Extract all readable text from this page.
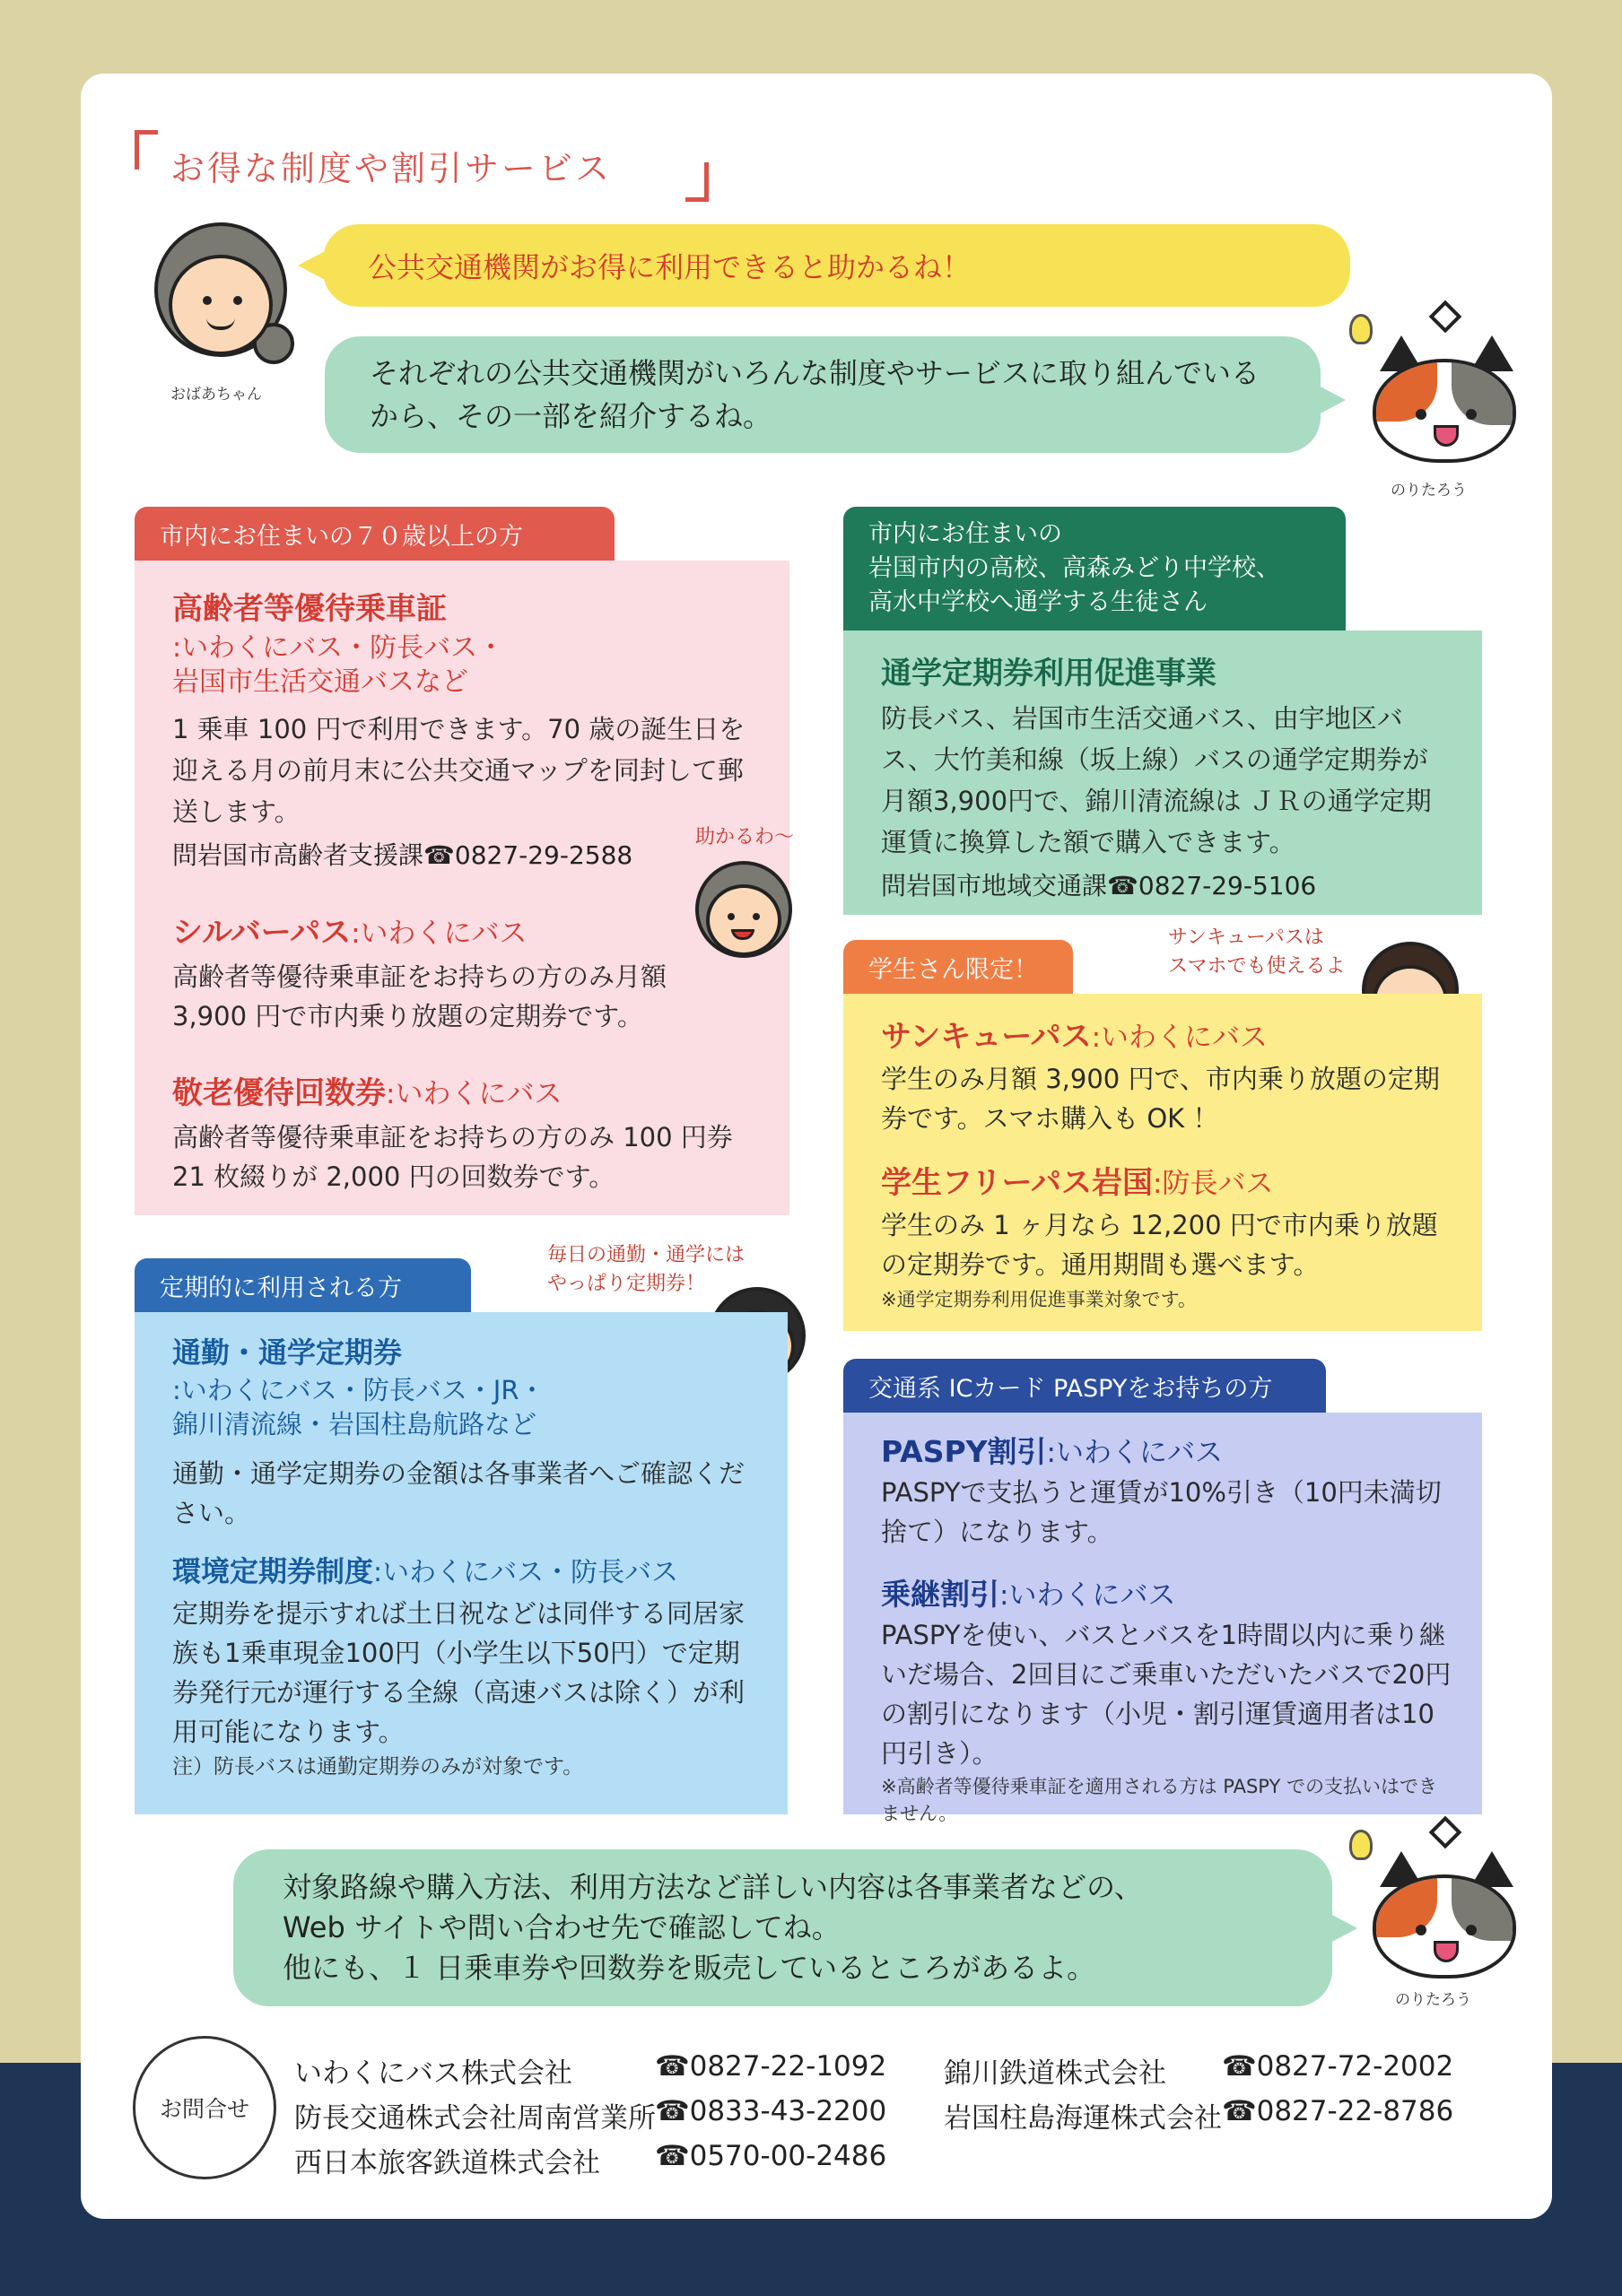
お得な制度や割引サービス
おばあちゃん
公共交通機関がお得に利用できると助かるね！
それぞれの公共交通機関がいろんな制度やサービスに取り組んでいるから、その一部を紹介するね。
のりたろう
市内にお住まいの７０歳以上の方
高齢者等優待乗車証
:いわくにバス・防長バス・
岩国市生活交通バスなど
1 乗車 100 円で利用できます。70 歳の誕生日を迎える月の前月末に公共交通マップを同封して郵送します。
問岩国市高齢者支援課☎0827-29-2588
シルバーパス:いわくにバス
高齢者等優待乗車証をお持ちの方のみ月額 3,900 円で市内乗り放題の定期券です。
敬老優待回数券:いわくにバス
高齢者等優待乗車証をお持ちの方のみ 100 円券 21 枚綴りが 2,000 円の回数券です。
助かるわ〜
市内にお住まいの
岩国市内の高校、高森みどり中学校、
高水中学校へ通学する生徒さん
通学定期券利用促進事業
防長バス、岩国市生活交通バス、由宇地区バス、大竹美和線（坂上線）バスの通学定期券が月額3,900円で、錦川清流線は ＪＲの通学定期運賃に換算した額で購入できます。
問岩国市地域交通課☎0827-29-5106
学生さん限定！
サンキューパスは
スマホでも使えるよ
サンキューパス:いわくにバス
学生のみ月額 3,900 円で、市内乗り放題の定期券です。スマホ購入も OK ！
学生フリーパス岩国:防長バス
学生のみ 1 ヶ月なら 12,200 円で市内乗り放題の定期券です。通用期間も選べます。
※通学定期券利用促進事業対象です。
定期的に利用される方
毎日の通勤・通学には
やっぱり定期券！
通勤・通学定期券
:いわくにバス・防長バス・JR・
錦川清流線・岩国柱島航路など
通勤・通学定期券の金額は各事業者へご確認ください。
環境定期券制度:いわくにバス・防長バス
定期券を提示すれば土日祝などは同伴する同居家族も1乗車現金100円（小学生以下50円）で定期券発行元が運行する全線（高速バスは除く）が利用可能になります。
注）防長バスは通勤定期券のみが対象です。
交通系 ICカード PASPYをお持ちの方
PASPY割引:いわくにバス
PASPYで支払うと運賃が10%引き（10円未満切捨て）になります。
乗継割引:いわくにバス
PASPYを使い、バスとバスを1時間以内に乗り継いだ場合、2回目にご乗車いただいたバスで20円の割引になります（小児・割引運賃適用者は10円引き）。
※高齢者等優待乗車証を適用される方は PASPY での支払いはできません。
対象路線や購入方法、利用方法など詳しい内容は各事業者などの、
Web サイトや問い合わせ先で確認してね。
他にも、１ 日乗車券や回数券を販売しているところがあるよ。
のりたろう
お問合せ
いわくにバス株式会社	☎0827-22-1092
防長交通株式会社周南営業所 ☎0833-43-2200
西日本旅客鉄道株式会社 ☎0570-00-2486
錦川鉄道株式会社 ☎0827-72-2002
岩国柱島海運株式会社 ☎0827-22-8786
